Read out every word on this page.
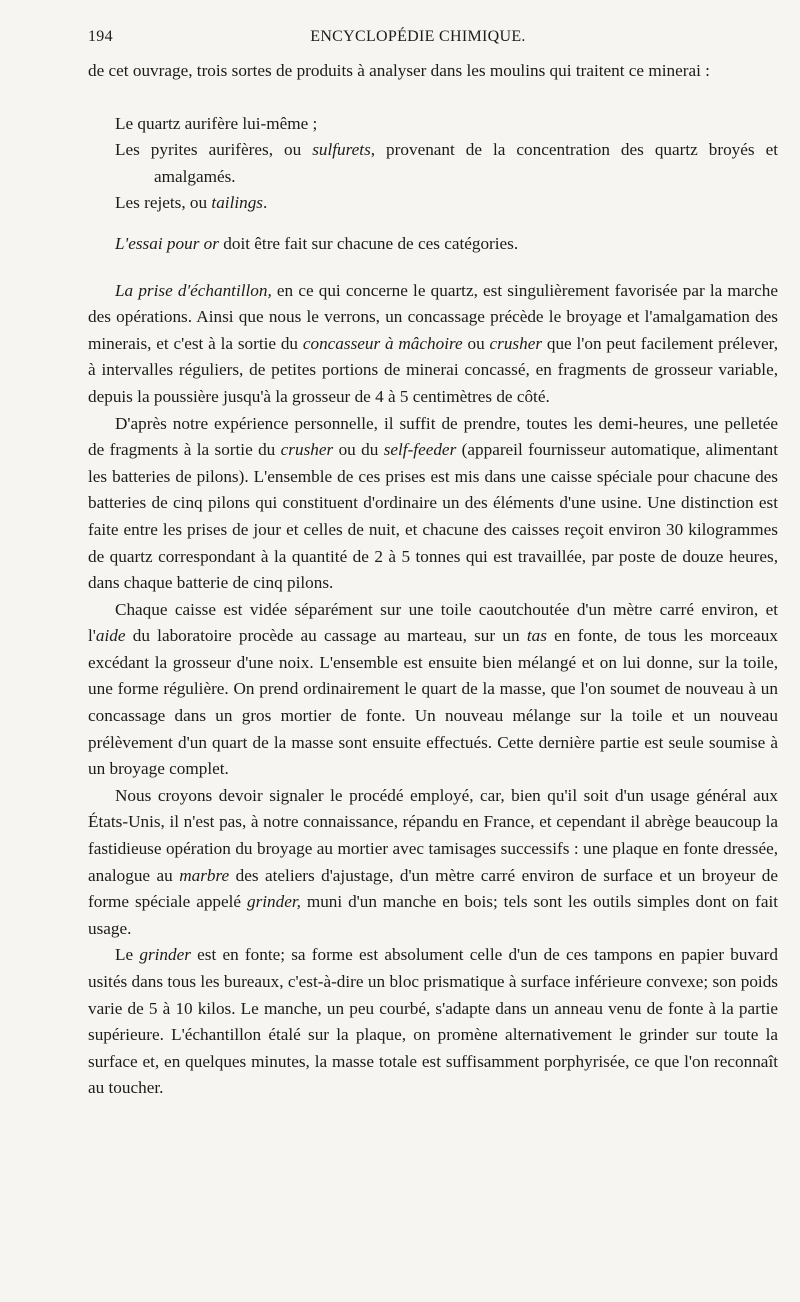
194	ENCYCLOPÉDIE CHIMIQUE.

de cet ouvrage, trois sortes de produits à analyser dans les moulins qui traitent ce minerai :

Le quartz aurifère lui-même ;

Les pyrites aurifères, ou sulfurets, provenant de la concentration des quartz broyés et amalgamés.

Les rejets, ou tailings.

L'essai pour or doit être fait sur chacune de ces catégories.

La prise d'échantillon, en ce qui concerne le quartz, est singulièrement favorisée par la marche des opérations. Ainsi que nous le verrons, un concassage précède le broyage et l'amalgamation des minerais, et c'est à la sortie du concasseur à mâchoire ou crusher que l'on peut facilement prélever, à intervalles réguliers, de petites portions de minerai concassé, en fragments de grosseur variable, depuis la poussière jusqu'à la grosseur de 4 à 5 centimètres de côté.

D'après notre expérience personnelle, il suffit de prendre, toutes les demi-heures, une pelletée de fragments à la sortie du crusher ou du self-feeder (appareil fournisseur automatique, alimentant les batteries de pilons). L'ensemble de ces prises est mis dans une caisse spéciale pour chacune des batteries de cinq pilons qui constituent d'ordinaire un des éléments d'une usine. Une distinction est faite entre les prises de jour et celles de nuit, et chacune des caisses reçoit environ 30 kilogrammes de quartz correspondant à la quantité de 2 à 5 tonnes qui est travaillée, par poste de douze heures, dans chaque batterie de cinq pilons.

Chaque caisse est vidée séparément sur une toile caoutchoutée d'un mètre carré environ, et l'aide du laboratoire procède au cassage au marteau, sur un tas en fonte, de tous les morceaux excédant la grosseur d'une noix. L'ensemble est ensuite bien mélangé et on lui donne, sur la toile, une forme régulière. On prend ordinairement le quart de la masse, que l'on soumet de nouveau à un concassage dans un gros mortier de fonte. Un nouveau mélange sur la toile et un nouveau prélèvement d'un quart de la masse sont ensuite effectués. Cette dernière partie est seule soumise à un broyage complet.

Nous croyons devoir signaler le procédé employé, car, bien qu'il soit d'un usage général aux États-Unis, il n'est pas, à notre connaissance, répandu en France, et cependant il abrège beaucoup la fastidieuse opération du broyage au mortier avec tamisages successifs : une plaque en fonte dressée, analogue au marbre des ateliers d'ajustage, d'un mètre carré environ de surface et un broyeur de forme spéciale appelé grinder, muni d'un manche en bois; tels sont les outils simples dont on fait usage.

Le grinder est en fonte; sa forme est absolument celle d'un de ces tampons en papier buvard usités dans tous les bureaux, c'est-à-dire un bloc prismatique à surface inférieure convexe; son poids varie de 5 à 10 kilos. Le manche, un peu courbé, s'adapte dans un anneau venu de fonte à la partie supérieure. L'échantillon étalé sur la plaque, on promène alternativement le grinder sur toute la surface et, en quelques minutes, la masse totale est suffisamment porphyrisée, ce que l'on reconnaît au toucher.
